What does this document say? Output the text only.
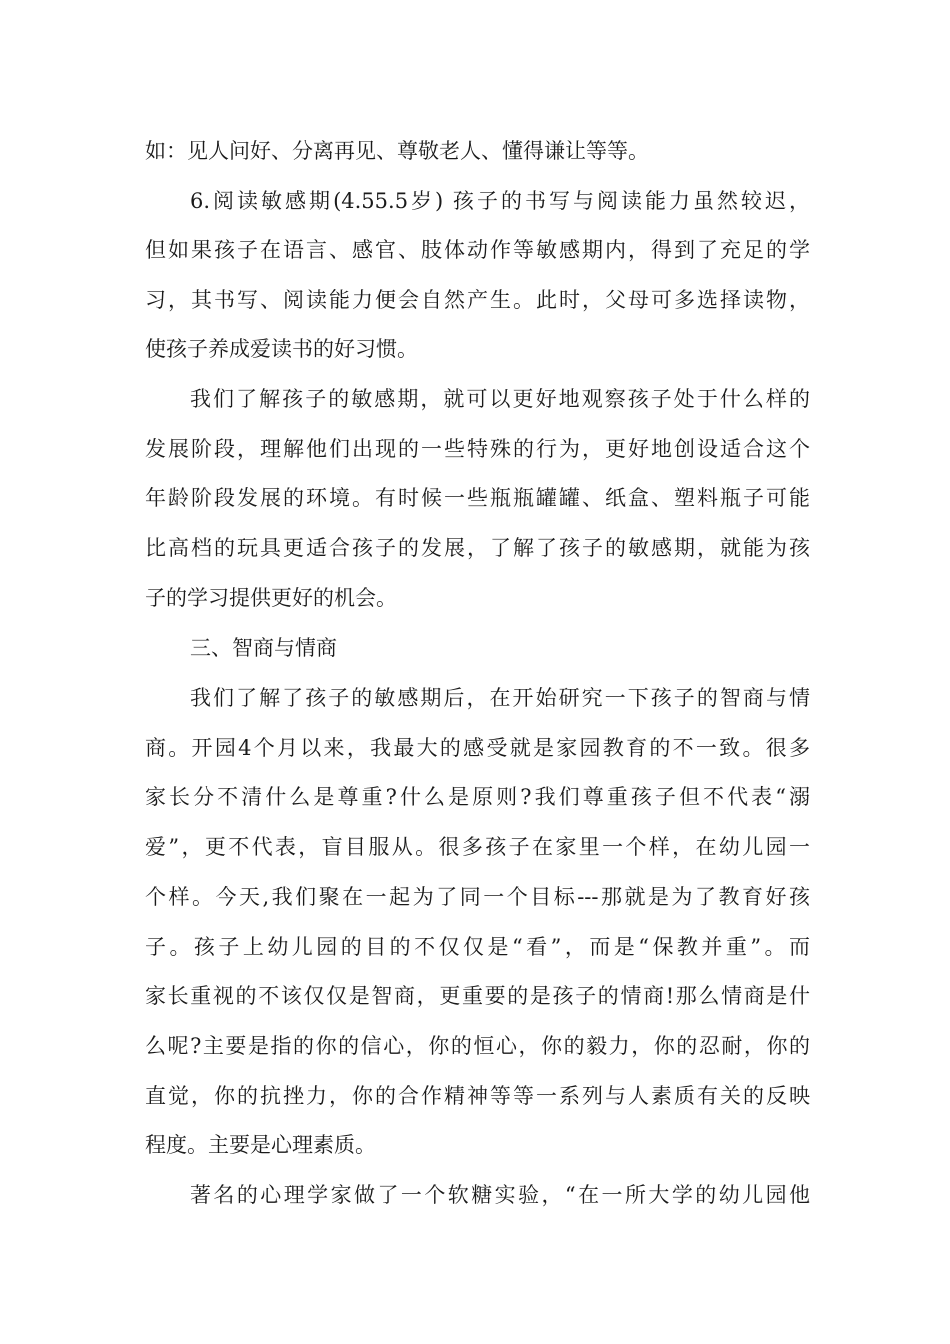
如：见人问好、分离再见、尊敬老人、懂得谦让等等。
6.阅读敏感期(4.55.5岁) 孩子的书写与阅读能力虽然较迟，
但如果孩子在语言、感官、肢体动作等敏感期内，得到了充足的学
习，其书写、阅读能力便会自然产生。此时，父母可多选择读物，
使孩子养成爱读书的好习惯。
我们了解孩子的敏感期，就可以更好地观察孩子处于什么样的
发展阶段，理解他们出现的一些特殊的行为，更好地创设适合这个
年龄阶段发展的环境。有时候一些瓶瓶罐罐、纸盒、塑料瓶子可能
比高档的玩具更适合孩子的发展，了解了孩子的敏感期，就能为孩
子的学习提供更好的机会。
三、智商与情商
我们了解了孩子的敏感期后，在开始研究一下孩子的智商与情
商。开园4个月以来，我最大的感受就是家园教育的不一致。很多
家长分不清什么是尊重?什么是原则?我们尊重孩子但不代表“溺
爱”，更不代表，盲目服从。很多孩子在家里一个样，在幼儿园一
个样。今天,我们聚在一起为了同一个目标---那就是为了教育好孩
子。孩子上幼儿园的目的不仅仅是“看”，而是“保教并重”。而
家长重视的不该仅仅是智商，更重要的是孩子的情商!那么情商是什
么呢?主要是指的你的信心，你的恒心，你的毅力，你的忍耐，你的
直觉，你的抗挫力，你的合作精神等等一系列与人素质有关的反映
程度。主要是心理素质。
著名的心理学家做了一个软糖实验，“在一所大学的幼儿园他
